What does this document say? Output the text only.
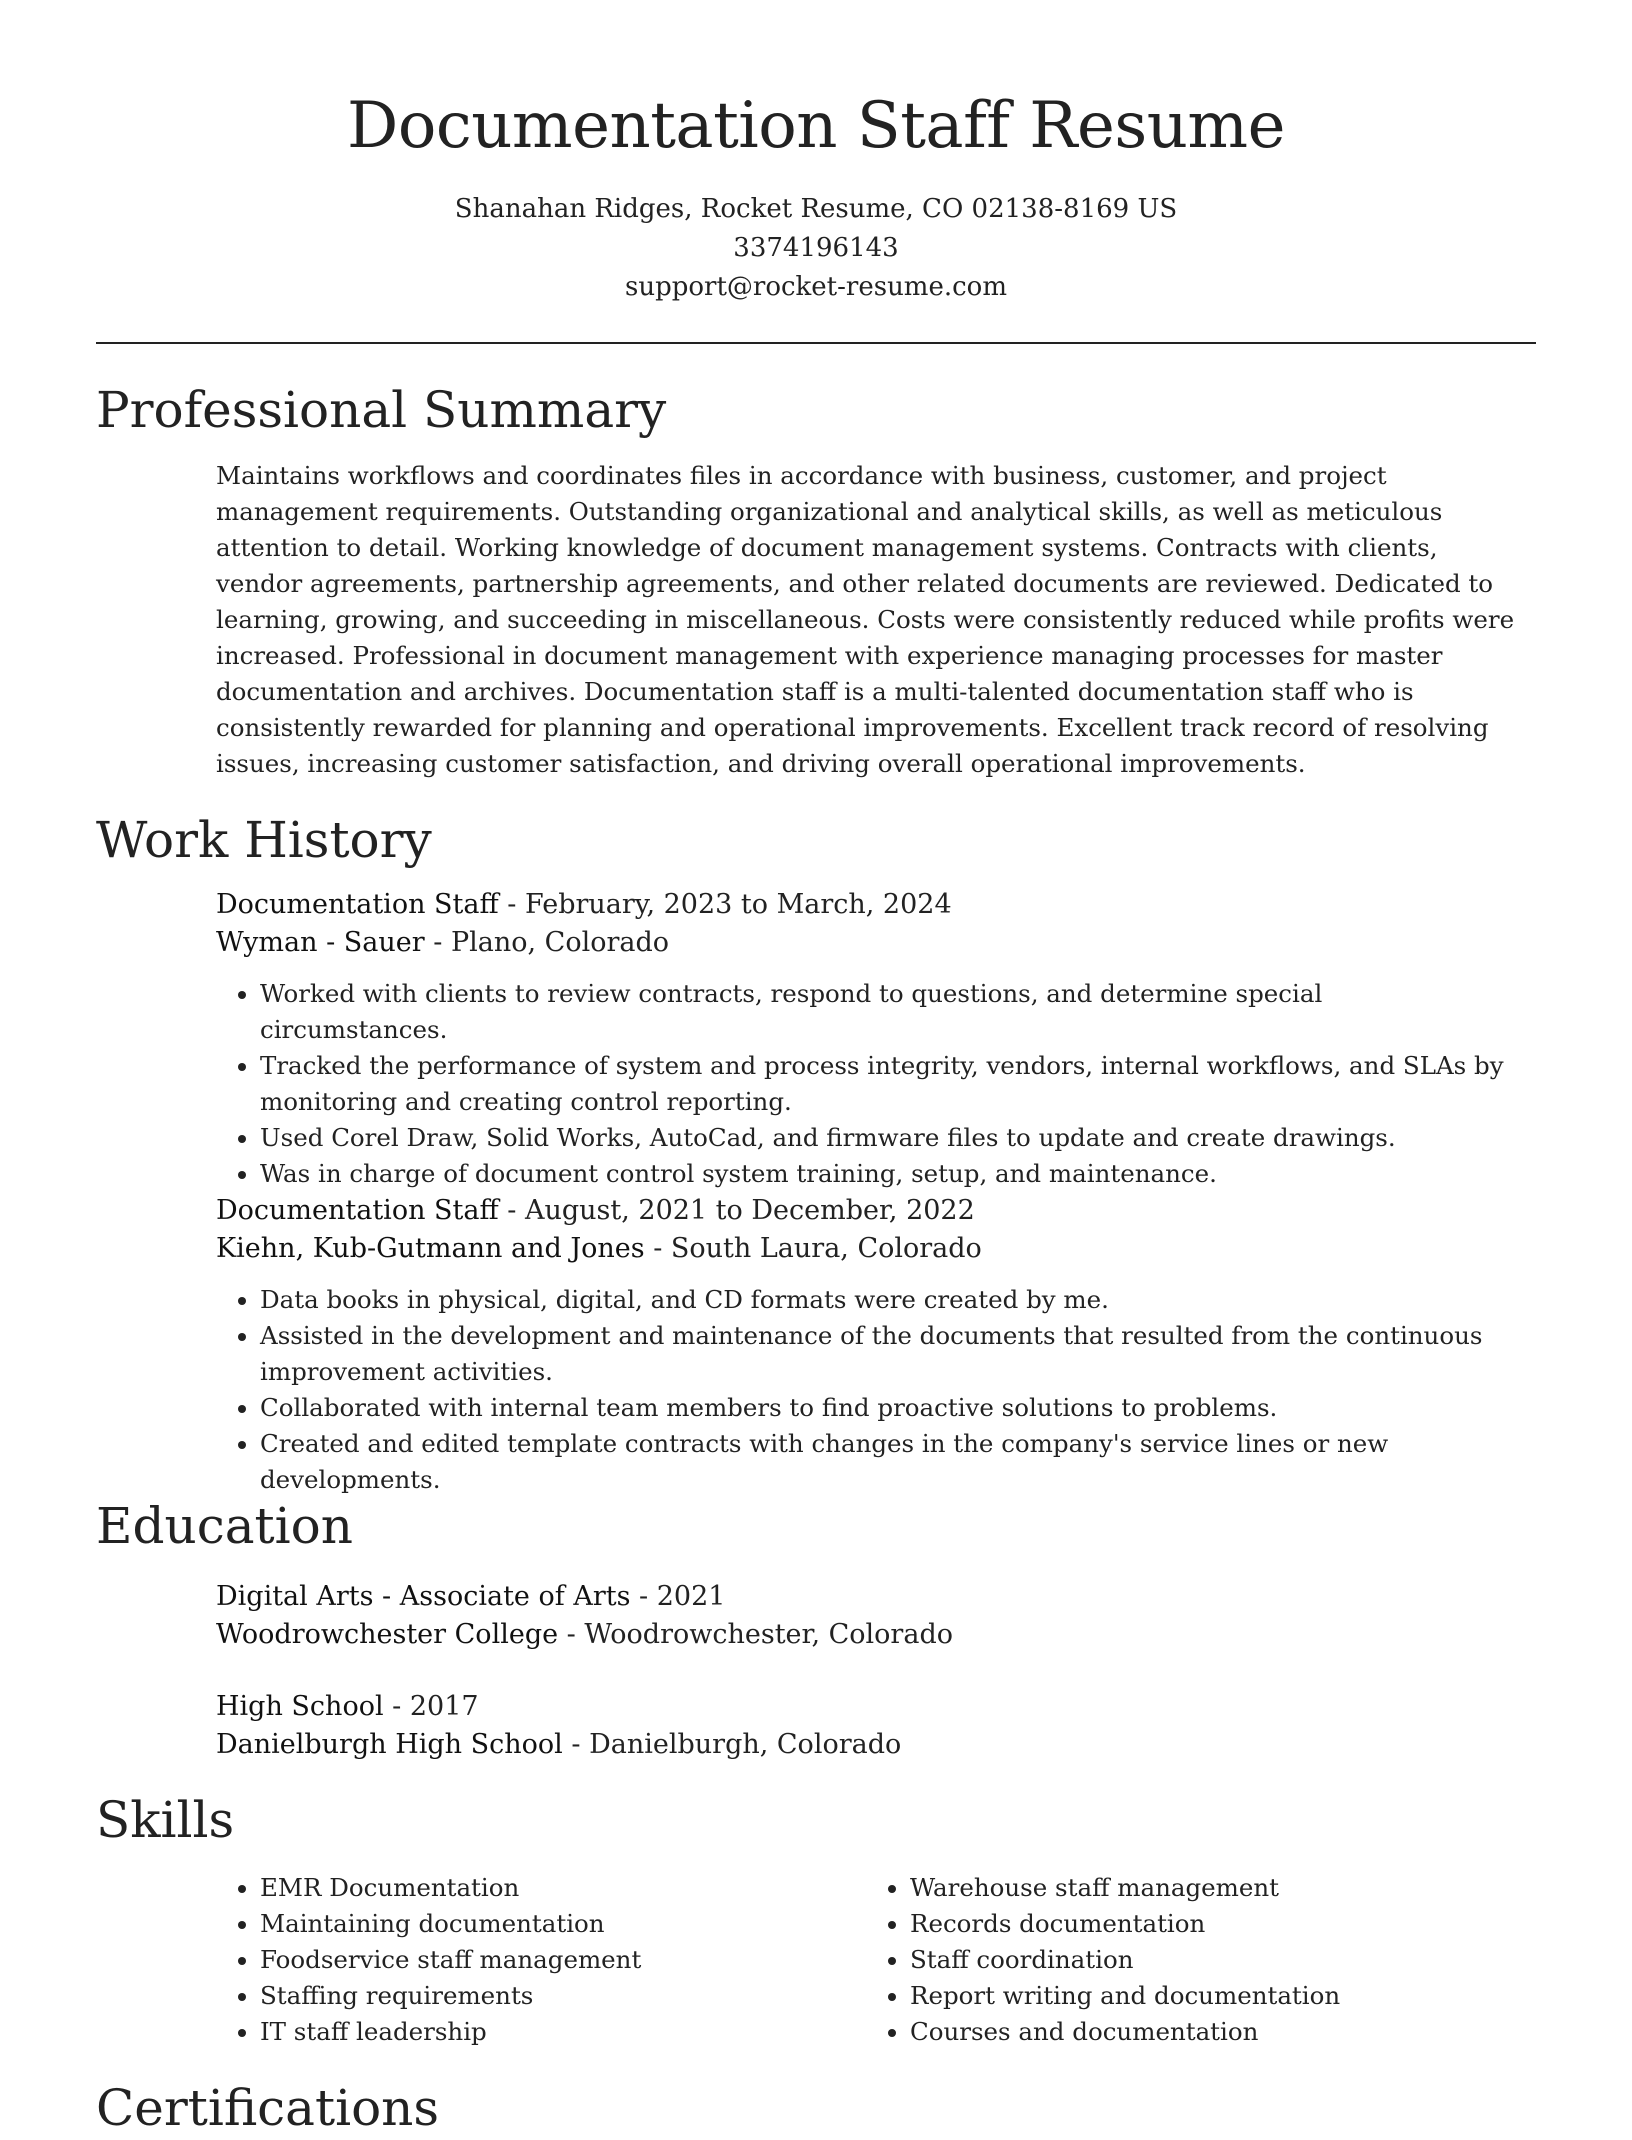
Documentation Staff Resume
Shanahan Ridges, Rocket Resume, CO 02138-8169 US
3374196143
support@rocket-resume.com
Professional Summary
Maintains workflows and coordinates files in accordance with business, customer, and project management requirements. Outstanding organizational and analytical skills, as well as meticulous attention to detail. Working knowledge of document management systems. Contracts with clients, vendor agreements, partnership agreements, and other related documents are reviewed. Dedicated to learning, growing, and succeeding in miscellaneous. Costs were consistently reduced while profits were increased. Professional in document management with experience managing processes for master documentation and archives. Documentation staff is a multi-talented documentation staff who is consistently rewarded for planning and operational improvements. Excellent track record of resolving issues, increasing customer satisfaction, and driving overall operational improvements.
Work History
Documentation Staff - February, 2023 to March, 2024
Wyman - Sauer - Plano, Colorado
• Worked with clients to review contracts, respond to questions, and determine special circumstances.
• Tracked the performance of system and process integrity, vendors, internal workflows, and SLAs by monitoring and creating control reporting.
• Used Corel Draw, Solid Works, AutoCad, and firmware files to update and create drawings.
• Was in charge of document control system training, setup, and maintenance.
Documentation Staff - August, 2021 to December, 2022
Kiehn, Kub-Gutmann and Jones - South Laura, Colorado
• Data books in physical, digital, and CD formats were created by me.
• Assisted in the development and maintenance of the documents that resulted from the continuous improvement activities.
• Collaborated with internal team members to find proactive solutions to problems.
• Created and edited template contracts with changes in the company's service lines or new developments.
Education
Digital Arts - Associate of Arts - 2021
Woodrowchester College - Woodrowchester, Colorado
High School - 2017
Danielburgh High School - Danielburgh, Colorado
Skills
• EMR Documentation
• Maintaining documentation
• Foodservice staff management
• Staffing requirements
• IT staff leadership
• Warehouse staff management
• Records documentation
• Staff coordination
• Report writing and documentation
• Courses and documentation
Certifications
